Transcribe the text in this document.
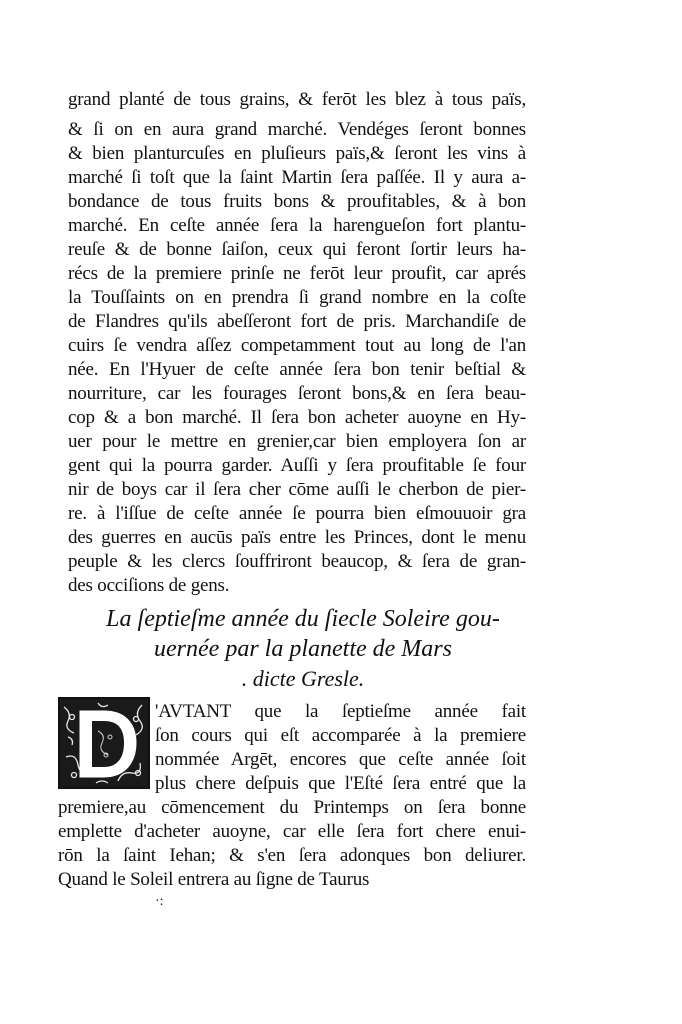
grand planté de tous grains, & ferōt les blez à tous païs,
& ſi on en aura grand marché. Vendéges ſeront bonnes
& bien planturcuſes en pluſieurs païs,& ſeront les vins à
marché ſi toſt que la ſaint Martin ſera paſſée. Il y aura a-
bondance de tous fruits bons & proufitables, & à bon
marché. En ceſte année ſera la harengueſon fort plantu-
reuſe & de bonne ſaiſon, ceux qui feront ſortir leurs ha-
récs de la premiere prinſe ne ferōt leur proufit, car aprés
la Touſſaints on en prendra ſi grand nombre en la coſte
de Flandres qu'ils abeſſeront fort de pris. Marchandiſe de
cuirs ſe vendra aſſez competamment tout au long de l'an
née. En l'Hyuer de ceſte année ſera bon tenir beſtial &
nourriture, car les fourages ſeront bons,& en ſera beau-
cop & a bon marché. Il ſera bon acheter auoyne en Hy-
uer pour le mettre en grenier,car bien employera ſon ar
gent qui la pourra garder. Auſſi y ſera proufitable ſe four
nir de boys car il ſera cher cōme auſſi le cherbon de pier-
re. à l'iſſue de ceſte année ſe pourra bien eſmouuoir gra
des guerres en aucūs païs entre les Princes, dont le menu
peuple & les clercs ſouffriront beaucop, & ſera de gran-
des occiſions de gens.
La ſeptieſme année du ſiecle Soleire gou-
uernée par la planette de Mars
. dicte Gresle.
'AVTANT que la ſeptieſme année fait
ſon cours qui eſt accomparée à la premiere
nommée Argēt, encores que ceſte année ſoit
plus chere deſpuis que l'Eſté ſera entré que la
premiere,au cōmencement du Printemps on ſera bonne
emplette d'acheter auoyne, car elle ſera fort chere enui-
rōn la ſaint Iehan; & s'en ſera adonques bon deliurer.
Quand le Soleil entrera au ſigne de Taurus
·:
